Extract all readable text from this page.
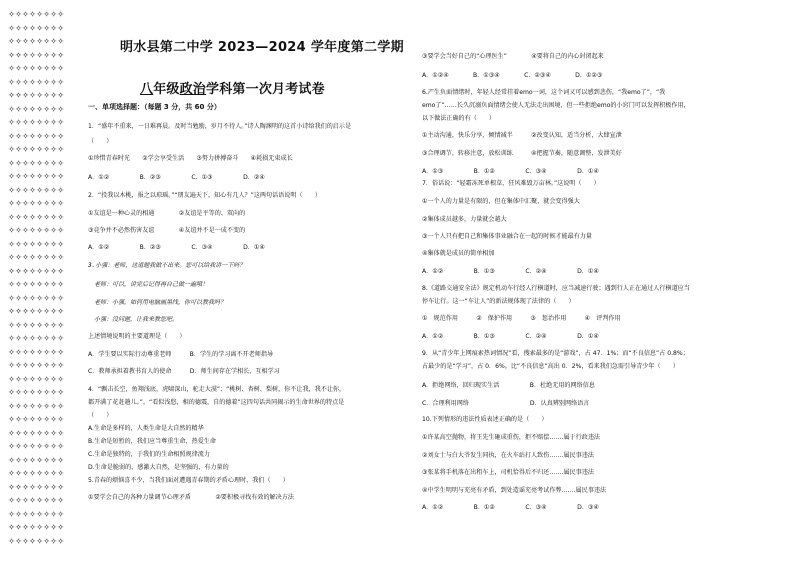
✧✧✧✧✧✧✧✧
✧✧✧✧✧✧✧✧
✧✧✧✧✧✧✧✧
✧✧✧✧✧✧✧✧
✧✧✧✧✧✧✧✧
✧✧✧✧✧✧✧✧
✧✧✧✧✧✧✧✧
✧✧✧✧✧✧✧✧
✧✧✧✧✧✧✧✧
✧✧✧✧✧✧✧✧
✧✧✧✧✧✧✧✧
✧✧✧✧✧✧✧✧
✧✧✧✧✧✧✧✧
✧✧✧✧✧✧✧✧
✧✧✧✧✧✧✧✧
✧✧✧✧✧✧✧✧
✧✧✧✧✧✧✧✧
✧✧✧✧✧✧✧✧
✧✧✧✧✧✧✧✧
✧✧✧✧✧✧✧✧
✧✧✧✧✧✧✧✧
✧✧✧✧✧✧✧✧
✧✧✧✧✧✧✧✧
✧✧✧✧✧✧✧✧
✧✧✧✧✧✧✧✧
✧✧✧✧✧✧✧✧
✧✧✧✧✧✧✧✧
✧✧✧✧✧✧✧✧
✧✧✧✧✧✧✧✧
✧✧✧✧✧✧✧✧
✧✧✧✧✧✧✧✧
✧✧✧✧✧✧✧✧
✧✧✧✧✧✧✧✧
✧✧✧✧✧✧✧✧
✧✧✧✧✧✧✧✧
✧✧✧✧✧✧✧✧
✧✧✧✧✧✧✧✧
✧✧✧✧✧✧✧✧
✧✧✧✧✧✧✧✧
✧✧✧✧✧✧✧✧
明水县第二中学 2023—2024 学年度第二学期
八年级政治学科第一次月考试卷
一、单项选择题：（每题 3 分，共 60 分）
1．“盛年不重来，一日难再晨。及时当勉励，岁月不待人。”诗人陶渊明的这首小诗给我们的启示是
（　　）
①珍惜青春时光　　②学会享受生活　　③努力拼搏奋斗　　④耗损无束成长
A．①②　　　　　B．②③　　　　　C．①③　　　　　D．②④
2．“投我以木桃，报之以琼瑶。”“朋友遍天下，知心有几人？”这两句话语说明（　　）
①友谊是一种心灵的相通　　　　②友谊是平等的、双向的
③竞争并不必然伤害友谊　　　　④友谊并不是一成不变的
A．①②　　　　　B．②③　　　　　C．③④　　　　　D．①④
3.小强：老师，这道题我做不出来。您可以给我讲一下吗？
　老师：可以，讲完后记得再自己做一遍哦！
　老师：小强，如何用电脑画黑线，你可以教我吗？
　小强：没问题，让我来教您吧。
上述情境说明的主要道理是（　　）
A．学生要以实际行动尊重老师　　　B．学生的学习离不开老师指导
C．教师承担着教书育人的使命　　　D．师生间存在学相长，互相学习
4．“飘击长空，鱼翔浅底，虎啸深山，驼走大漠”；“桃树、杏树、梨树，你不让我，我不让你，
都开满了花赶趟儿。”，“看似浅悠，相的德震，自的德着”这四句话共同揭示的生命世界的特点是
（　　）
A.生命是多样的，人类生命是大自然的精华
B.生命是短暂的，我们应当尊重生命，热爱生命
C.生命是独特的，于我们的生命相照规律流力
D.生命是脆弱的，感激大自然，是坚强的，有力量的
5.青春的烦恼喜不少，当我们面对遭遇青春期的矛盾心理时，我们（　　）
①要学会自己的各种力量调节心理矛盾　　　　②要积极寻找有效的解决方法
③要学会当好自己的“心理医生”　　　　④要将自己的内心封闭起来
A．①②④　　　　B．①③④　　　　C．②③④　　　　D．①②③
6.产生负面情绪时，年轻人经常挂着emo一词，这个词又可以感到悲伤，“我emo了”，“我
emo了”……长久沉溺负面情绪会使人无法走出困境，但一些拒绝emo的小窍门可以发挥积极作用，
以下做法正确的有（　　）
①主动沟通，快乐分享，倾情减半　　　②改变认知，适当分析，大肆宣泄
③合理调节，转移注意，放松训练　　　④把握节奏，随意调整，发泄美好
A．①③　　　　　B．①②　　　　　C．③④　　　　　D．①④
7．俗话说：“轻霜冻死单根草，狂风难毁万亩林。”这说明（　　）
①一个人的力量是有限的，但在集体中汇聚，就会变得强大
②集体成员越多，力量就会越大
③一个人只有把自己和集体事业融合在一起的时候才能最有力量
④集体就是成员的简单相加
A．①②　　　　　B．①③　　　　　C．②④　　　　　D．①④
8.《道路交通安全法》规定机动车行经人行横道时，应当减速行驶；遇到行人正在通过人行横道应当
停车让行。这一“车让人”的新法规体现了法律的（　　）
①　规范作用　　　②　保护作用　　　③　惩治作用　　　④　评判作用
A．①②　　　　　B．①③　　　　　C．②④　　　　　D．①④
9．从“青少年上网痕索热词情况”看，搜索最多的是“游戏”，占 47．1%；而“不良信息”占 0.8%；
占最少的是“学习”，占 0．6%。比“不良信息”高出 0．2%，看来我们急需引导青少年（　　）
A．拒绝网络，回归现实生活　　　　　B．杜绝无用的网络信息
C．合理利用网络　　　　　　　　　　D．认真辨别网络语言
10.下列情形的违法性质表述正确的是（　　）
①许某高空抛物，将王先生砸成重伤，拒不赔偿.……属于行政违法
②刘女士与白大爷发生同执，在火车站打人致伤.……属民事违法
③张某将手机落在出租车上，司机恰得后不归还.……属民事违法
④中学生明明与充亮有矛盾，到处造谣充亮考试作弊.……属民事违法
A．①②　　　　　B．①②　　　　　C．③④　　　　　D．③④
